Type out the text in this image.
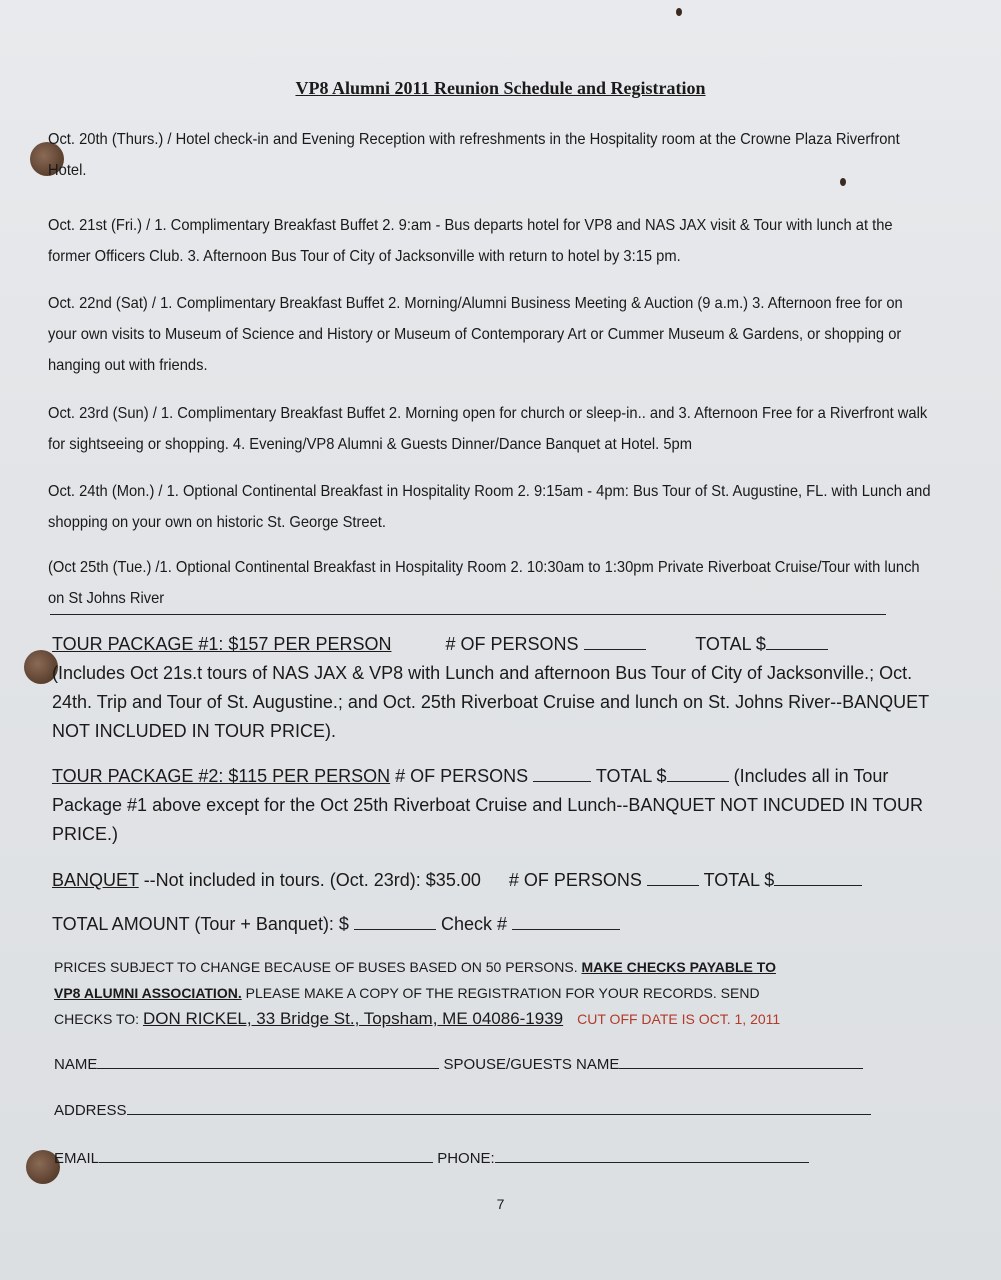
VP8 Alumni 2011 Reunion Schedule and Registration

Oct. 20th (Thurs.) / Hotel check-in and Evening Reception with refreshments in the Hospitality room at the Crowne Plaza Riverfront Hotel.

Oct. 21st (Fri.) / 1. Complimentary Breakfast Buffet 2. 9:am - Bus departs hotel for VP8 and NAS JAX visit & Tour with lunch at the former Officers Club. 3. Afternoon Bus Tour of City of Jacksonville with return to hotel by 3:15 pm.

Oct. 22nd (Sat) / 1. Complimentary Breakfast Buffet 2. Morning/Alumni Business Meeting & Auction (9 a.m.) 3. Afternoon free for on your own visits to Museum of Science and History or Museum of Contemporary Art or Cummer Museum & Gardens, or shopping or hanging out with friends.

Oct. 23rd (Sun) / 1. Complimentary Breakfast Buffet 2. Morning open for church or sleep-in.. and 3. Afternoon Free for a Riverfront walk for sightseeing or shopping. 4. Evening/VP8 Alumni & Guests Dinner/Dance Banquet at Hotel. 5pm

Oct. 24th (Mon.) / 1. Optional Continental Breakfast in Hospitality Room 2. 9:15am - 4pm: Bus Tour of St. Augustine, FL. with Lunch and shopping on your own on historic St. George Street.

(Oct 25th (Tue.) /1. Optional Continental Breakfast in Hospitality Room 2. 10:30am to 1:30pm Private Riverboat Cruise/Tour with lunch on St Johns River

TOUR PACKAGE #1: $157 PER PERSON	# OF PERSONS	TOTAL $
(Includes Oct 21s.t tours of NAS JAX & VP8 with Lunch and afternoon Bus Tour of City of Jacksonville.; Oct. 24th. Trip and Tour of St. Augustine.; and Oct. 25th Riverboat Cruise and lunch on St. Johns River--BANQUET NOT INCLUDED IN TOUR PRICE).
TOUR PACKAGE #2: $115 PER PERSON # OF PERSONS	TOTAL $	(Includes all in Tour Package #1 above except for the Oct 25th Riverboat Cruise and Lunch--BANQUET NOT INCUDED IN TOUR PRICE.)
BANQUET --Not included in tours. (Oct. 23rd): $35.00 # OF PERSONS	TOTAL $
TOTAL AMOUNT (Tour + Banquet): $	Check #
PRICES SUBJECT TO CHANGE BECAUSE OF BUSES BASED ON 50 PERSONS. MAKE CHECKS PAYABLE TO
VP8 ALUMNI ASSOCIATION. PLEASE MAKE A COPY OF THE REGISTRATION FOR YOUR RECORDS. SEND
CHECKS TO: DON RICKEL, 33 Bridge St., Topsham, ME 04086-1939 CUT OFF DATE IS OCT. 1, 2011
NAME	SPOUSE/GUESTS NAME
ADDRESS
EMAIL	PHONE:
7
